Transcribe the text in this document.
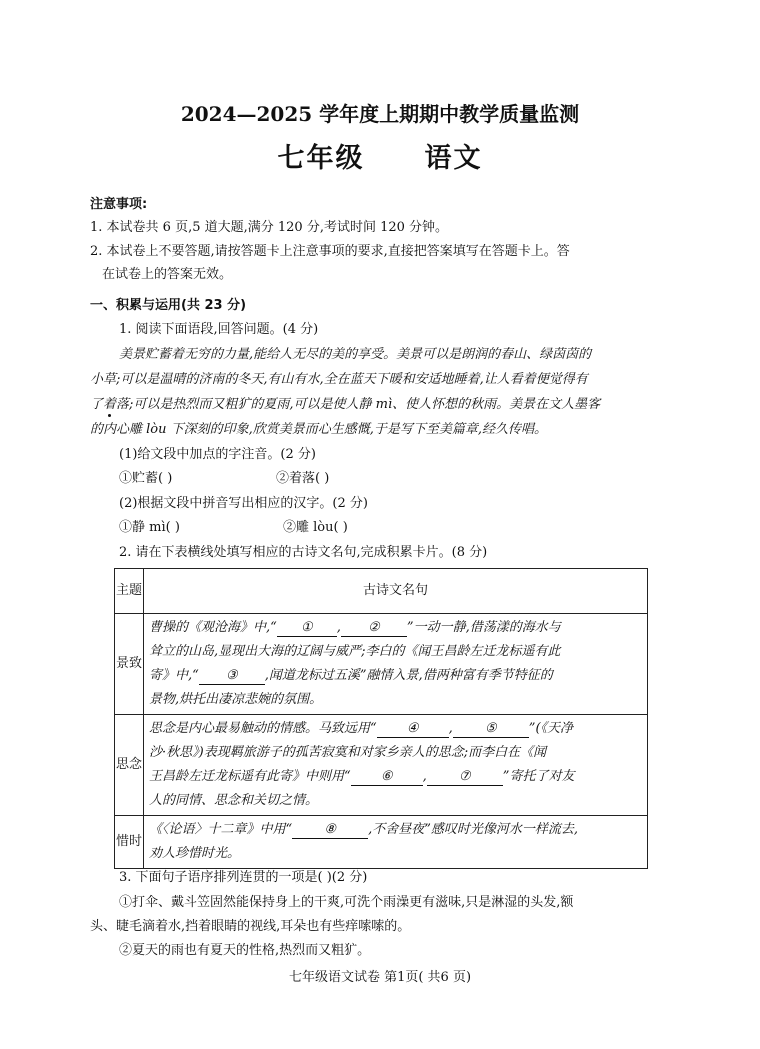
2024—2025 学年度上期期中教学质量监测
七年级 语文
注意事项:
1. 本试卷共 6 页,5 道大题,满分 120 分,考试时间 120 分钟。
2. 本试卷上不要答题,请按答题卡上注意事项的要求,直接把答案填写在答题卡上。答
在试卷上的答案无效。
一、积累与运用(共 23 分)
1. 阅读下面语段,回答问题。(4 分)
美景贮蓄着无穷的力量,能给人无尽的美的享受。美景可以是朗润的春山、绿茵茵的
小草;可以是温晴的济南的冬天,有山有水,全在蓝天下暖和安适地睡着,让人看着便觉得有
了着落;可以是热烈而又粗犷的夏雨,可以是使人静 mì、使人怀想的秋雨。美景在文人墨客
的内心雕 lòu 下深刻的印象,欣赏美景而心生感慨,于是写下至美篇章,经久传唱。
(1)给文段中加点的字注音。(2 分)
①贮蓄( )	②着落( )
(2)根据文段中拼音写出相应的汉字。(2 分)
①静 mì( )	②雕 lòu( )
2. 请在下表横线处填写相应的古诗文名句,完成积累卡片。(8 分)
主题	古诗文名句
景致	曹操的《观沧海》中,“ ① , ② ”一动一静,借荡漾的海水与
耸立的山岛,显现出大海的辽阔与威严;李白的《闻王昌龄左迁龙标遥有此
寄》中,“ ③ ,闻道龙标过五溪”融情入景,借两种富有季节特征的
景物,烘托出凄凉悲婉的氛围。

思念	思念是内心最易触动的情感。马致远用“ ④ , ⑤ ”(《天净
沙·秋思》)表现羁旅游子的孤苦寂寞和对家乡亲人的思念;而李白在《闻
王昌龄左迁龙标遥有此寄》中则用“ ⑥ , ⑦ ”寄托了对友
人的同情、思念和关切之情。

惜时	《〈论语〉十二章》中用“ ⑧ ,不舍昼夜”感叹时光像河水一样流去,
劝人珍惜时光。
3. 下面句子语序排列连贯的一项是( )(2 分)
①打伞、戴斗笠固然能保持身上的干爽,可洗个雨澡更有滋味,只是淋湿的头发,额
头、睫毛滴着水,挡着眼睛的视线,耳朵也有些痒嗦嗦的。
②夏天的雨也有夏天的性格,热烈而又粗犷。
七年级语文试卷 第1页( 共6 页)
